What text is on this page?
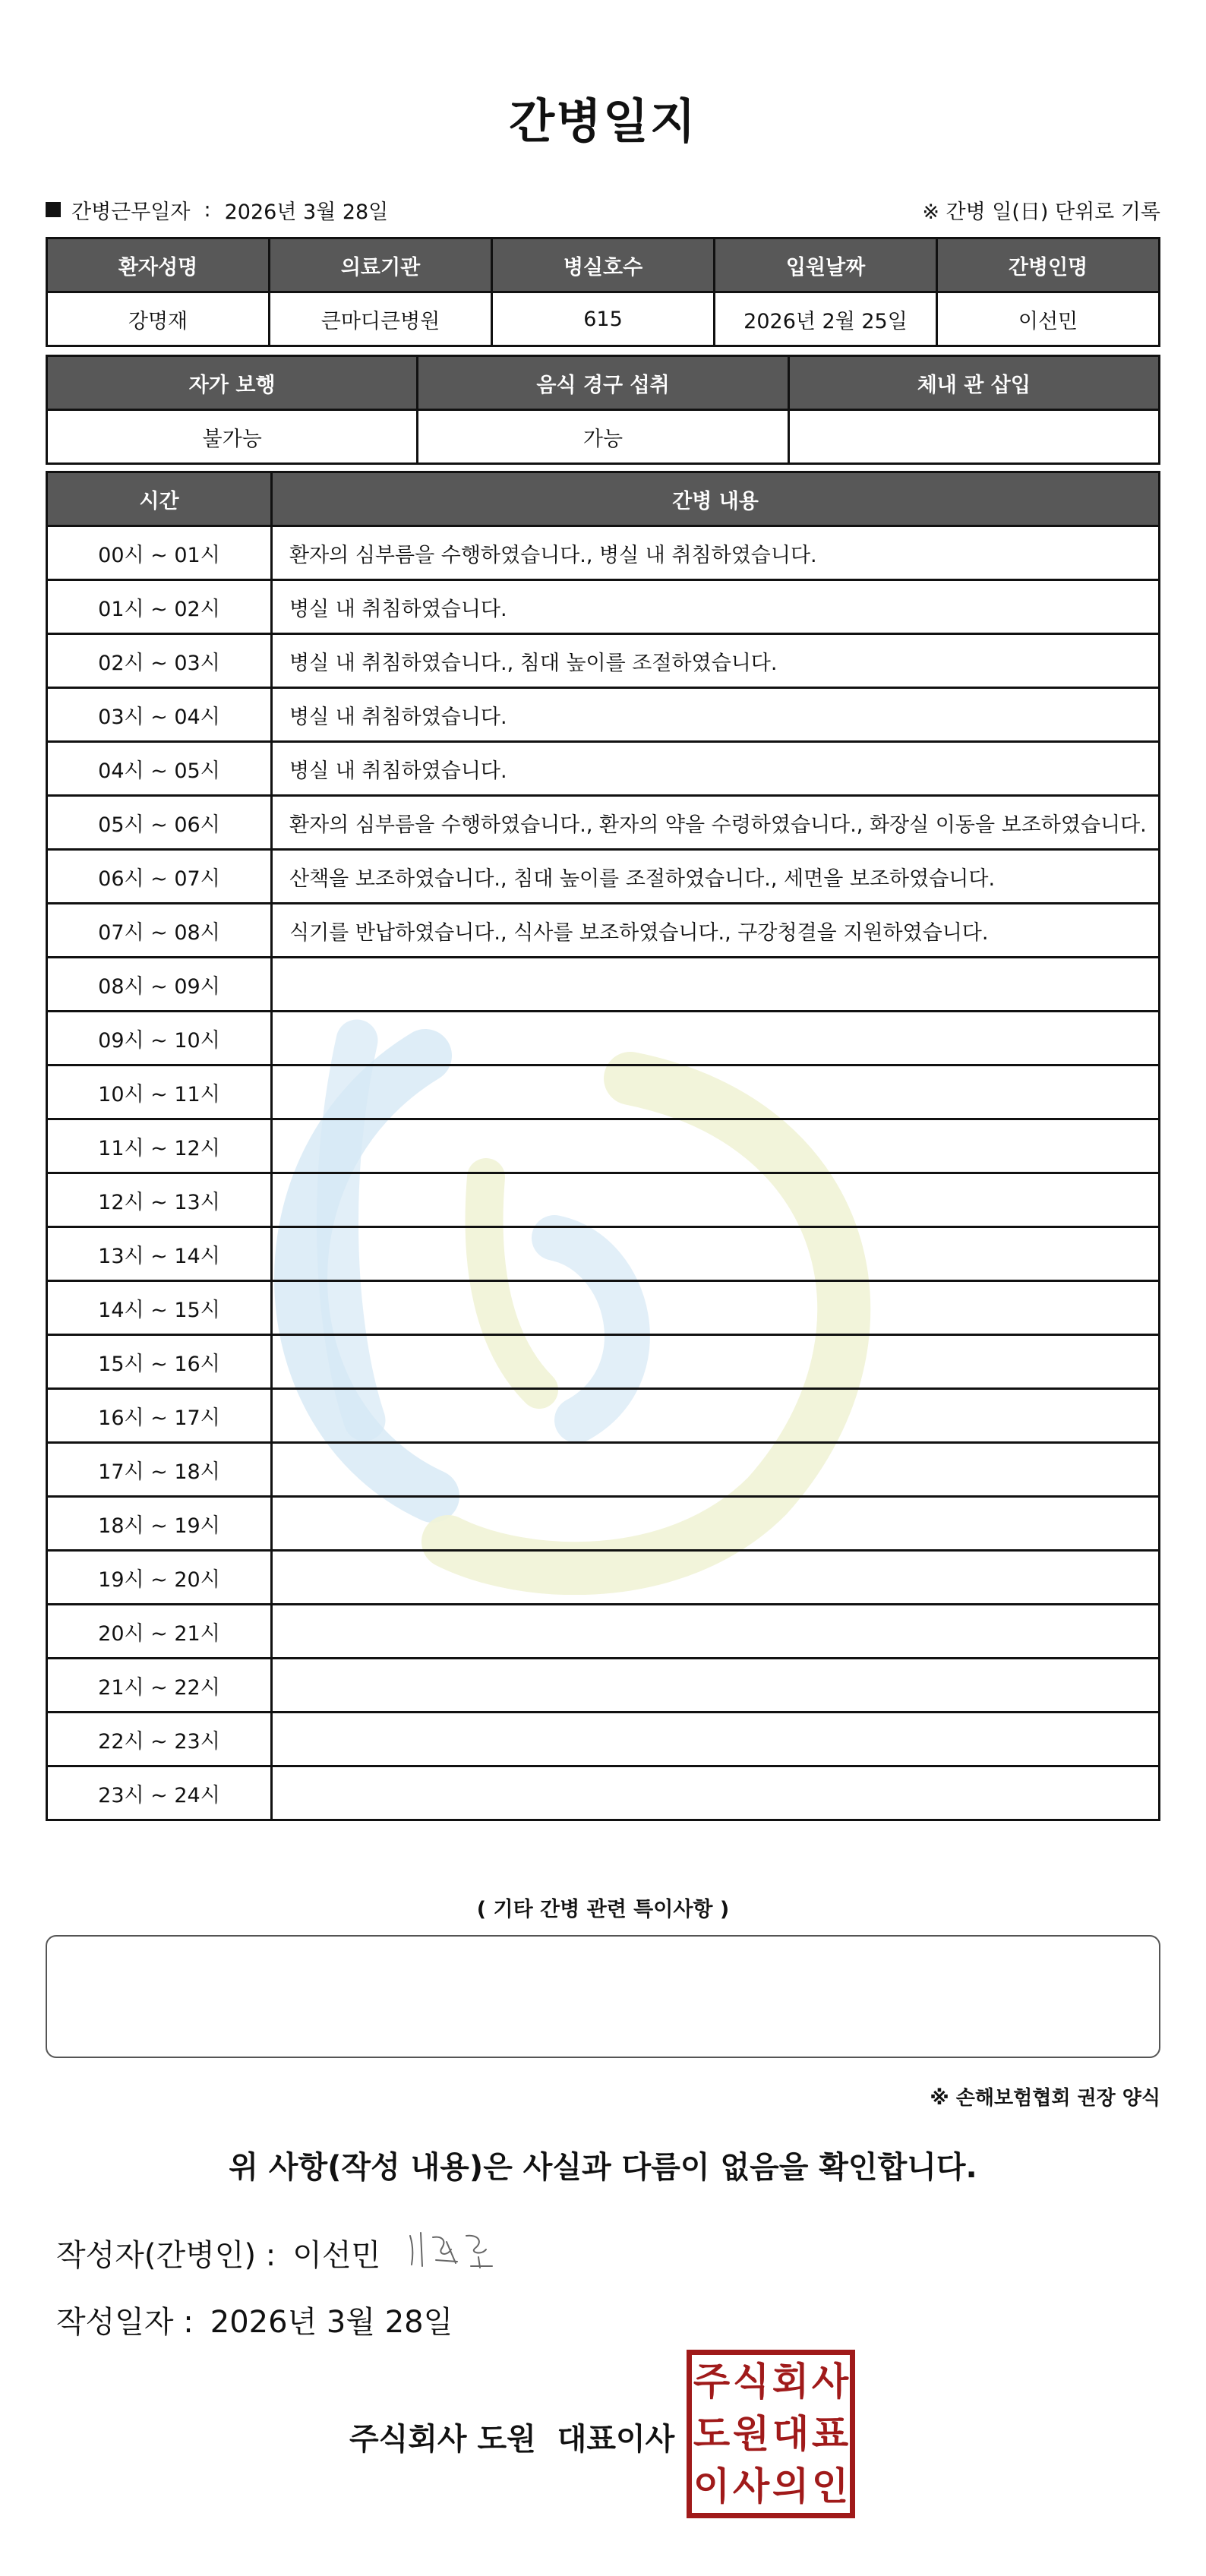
간병일지
간병근무일자 : 2026년 3월 28일	※ 간병 일(日) 단위로 기록
환자성명	의료기관	병실호수	입원날짜	간병인명
강명재	큰마디큰병원	615	2026년 2월 25일	이선민
자가 보행	음식 경구 섭취	체내 관 삽입
불가능	가능	
시간	간병 내용
00시 ~ 01시	환자의 심부름을 수행하였습니다., 병실 내 취침하였습니다.
01시 ~ 02시	병실 내 취침하였습니다.
02시 ~ 03시	병실 내 취침하였습니다., 침대 높이를 조절하였습니다.
03시 ~ 04시	병실 내 취침하였습니다.
04시 ~ 05시	병실 내 취침하였습니다.
05시 ~ 06시	환자의 심부름을 수행하였습니다., 환자의 약을 수령하였습니다., 화장실 이동을 보조하였습니다.
06시 ~ 07시	산책을 보조하였습니다., 침대 높이를 조절하였습니다., 세면을 보조하였습니다.
07시 ~ 08시	식기를 반납하였습니다., 식사를 보조하였습니다., 구강청결을 지원하였습니다.
08시 ~ 09시	
09시 ~ 10시	
10시 ~ 11시	
11시 ~ 12시	
12시 ~ 13시	
13시 ~ 14시	
14시 ~ 15시	
15시 ~ 16시	
16시 ~ 17시	
17시 ~ 18시	
18시 ~ 19시	
19시 ~ 20시	
20시 ~ 21시	
21시 ~ 22시	
22시 ~ 23시	
23시 ~ 24시	
( 기타 간병 관련 특이사항 )
※ 손해보험협회 권장 양식
위 사항(작성 내용)은 사실과 다름이 없음을 확인합니다.
작성자(간병인) : 이선민
작성일자 : 2026년 3월 28일
주식회사 도원 대표이사
주 식 회 사
도 원 대 표
이 사 의 인
